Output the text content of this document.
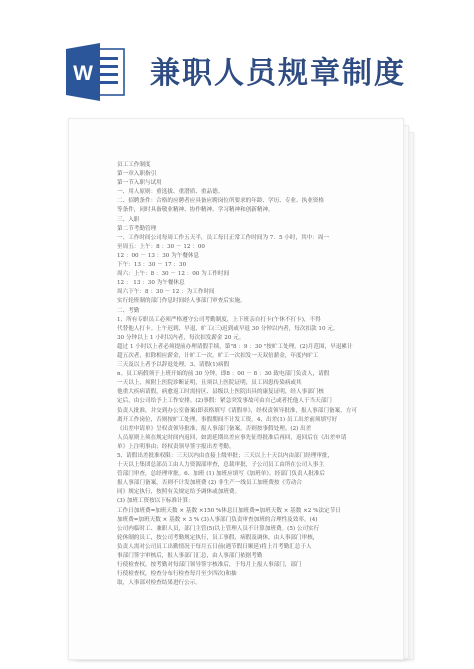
W 兼职人员规章制度
员工工作制度
第一章入职指引
第一节入职与试用
一、用人原则：重选拔、重潜质、重品德。
二、招聘条件：合格的应聘者应具备应聘岗位所要求的年龄、学历、专业、执业资格
等条件，同时具备敬业精神、协作精神、学习精神和创新精神。
三、入职
第二节考勤管理
一、工作时间公司每周工作五天半，员工每日正常工作时间为 7．5 小时，其中：周一
至周五：上午：8 ：30 － 12 ：00
12 ：00 － 13 ：30 为午餐休息
下午：13 ：30 － 17 ：30
周六：上午：8 ：30 － 12 ：00 为工作时间
12 ： 13 ：30 为午餐休息
周六下午：8 ：30 － 12 ：为工作时间
实行轮班制的部门作息时间经人事部门审查后实施。
二、考勤
1、所有专职员工必须严格遵守公司考勤制度，上下班亲自打卡(午休不打卡)，不得
代替他人打卡。上午迟到、早退，旷工(三)迟到或早退 30 分钟以内者，每次扣款 10 元。
30 分钟以上 1 小时以内者，每次扣发薪金 20 元。
超过 1 小时以上者必须提前办理请假手续。第"8 ：9 ：30 "按旷工处理。(2)月范围，早退累计
超五次者，扣除相应薪金，计旷工一次。旷工一次扣发一天双倍薪金，年度内旷工
三天及以上者予以辞退处理。3、请假(1)病假
n。员工病假须于上班开始的前 30 分钟，即8 ：00 － 8 ：30 致电部门负责人，请假
一天以上，须附上医院诊断证明，且须以上医院证明，员工因患传染病或其
他重大疾病请假，病愈返工时需持区、县级以上医院出具的康复证明，经人事部门核
定后，由公司给予上工作安排。(2)事假：紧急突发事故可由自己或者托他人于当天部门
负责人批准，并交到办公室备案(即表格填写《请假单》，经权责领导批准，报人事部门备案，方可
离开工作岗位，否则按旷工处理。事假期间不计发工资。4、出差(1) 员工出差前须填写好
《出差申请单》呈权责领导批准，报人事部门备案，否则按事假处理。(2) 出差
人员原则上须在规定时间内返回，如需延期出差应事先征得批准后再回，返回后在《出差申请
单》上注明事由；经权责领导签字报出差考勤。
5、请假出差批准权限：三天以内由直接上级审批；三天以上十天以内由部门经理审批，
十天以上集团总部员工由人力资源部审查，总裁审批，子公司员工由所在公司人事主
管部门审查，总经理审批。6、加班 (1) 加班应填写《加班单》，经部门负责人批准后
报人事部门备案，否则不计发加班费 (2) 非生产一线员工加班费按《劳动合
同》规定执行，按照有关规定给予调休或加班费。
(3) 加班工资按以下标准计算：
工作日加班费=加班天数 × 基数 ×150 %休息日加班费=加班天数 × 基数 ×2 %法定节日
加班费=加班天数 × 基数 × 3 % (3)人事部门负责审查加班的合理性及效率。(4)
公司内临时工、兼职人员，部门主管(5)以上管理人员不计算加班费。(5) 公司实行
轮休制的员工，按公司考勤规定执行，员工事假、病假及调休，由人事部门审核，
负责人需对公司员工出勤情况于每月五日前(遇节假日顺延)将上月考勤汇总于人
事部门签字审核后，报人事部门汇总，由人事部门依据考勤
行使检查权，按考勤对每部门领导签字核准后，于每月上报人事部门，部门
行使检查权，检查分布行检查每月至少四次)和抽
取，人事部对检查结果进行公示。
